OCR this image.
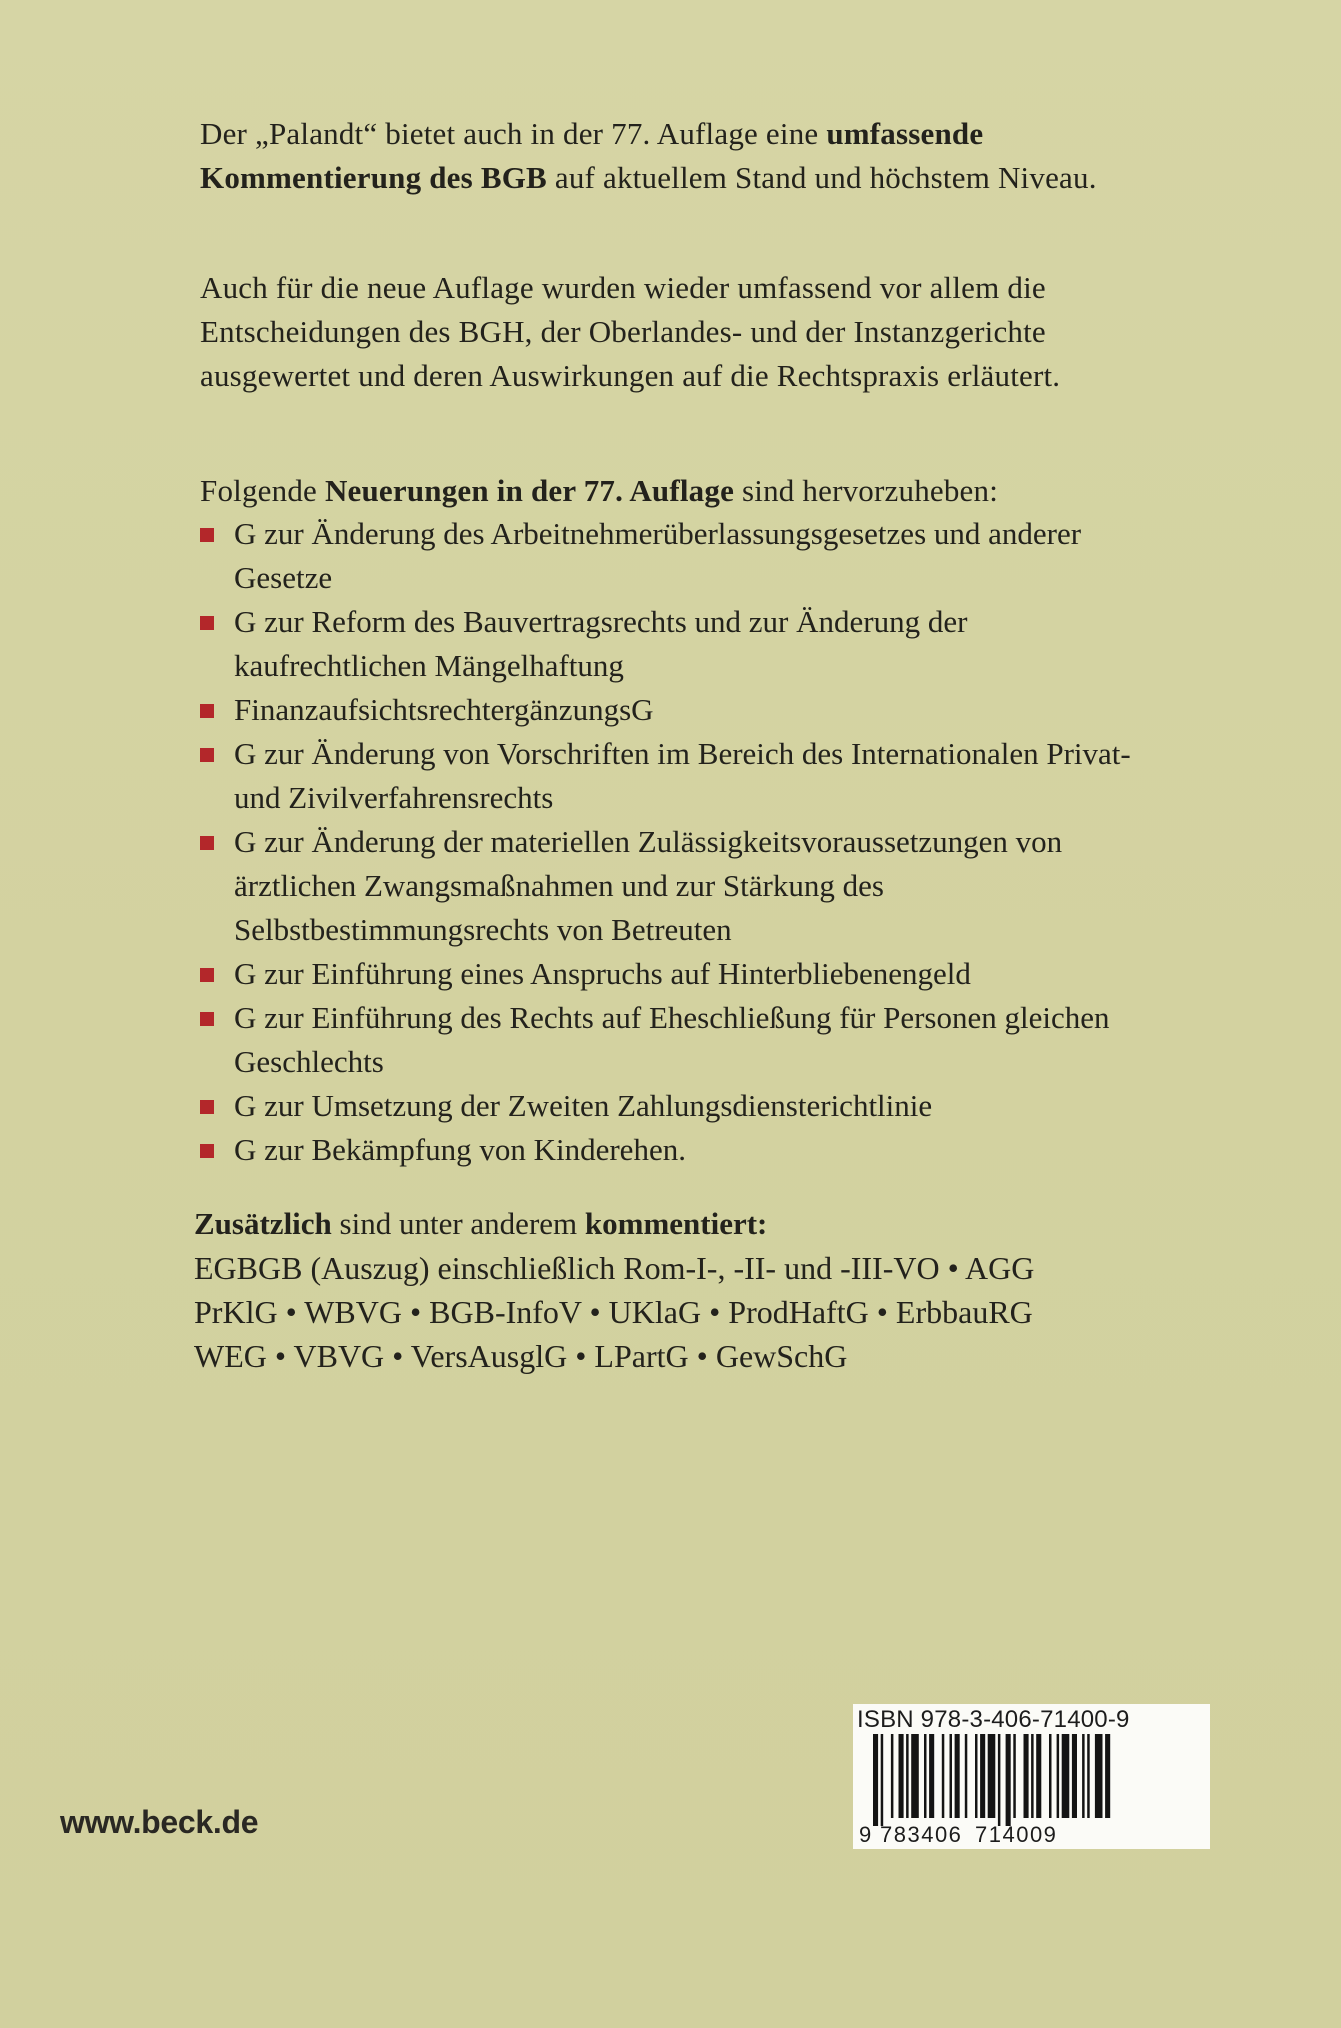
Der „Palandt“ bietet auch in der 77. Auflage eine umfassende Kommentierung des BGB auf aktuellem Stand und höchstem Niveau.

Auch für die neue Auflage wurden wieder umfassend vor allem die Entscheidungen des BGH, der Oberlandes- und der Instanzgerichte ausgewertet und deren Auswirkungen auf die Rechtspraxis erläutert.

Folgende Neuerungen in der 77. Auflage sind hervorzuheben:

G zur Änderung des Arbeitnehmerüberlassungsgesetzes und anderer Gesetze
G zur Reform des Bauvertragsrechts und zur Änderung der kaufrechtlichen Mängelhaftung
FinanzaufsichtsrechtergänzungsG
G zur Änderung von Vorschriften im Bereich des Internationalen Privat- und Zivilverfahrensrechts
G zur Änderung der materiellen Zulässigkeitsvoraussetzungen von ärztlichen Zwangsmaßnahmen und zur Stärkung des Selbstbestimmungsrechts von Betreuten
G zur Einführung eines Anspruchs auf Hinterbliebenengeld
G zur Einführung des Rechts auf Eheschließung für Personen gleichen Geschlechts
G zur Umsetzung der Zweiten Zahlungsdiensterichtlinie
G zur Bekämpfung von Kinderehen.

Zusätzlich sind unter anderem kommentiert:

EGBGB (Auszug) einschließlich Rom-I-, -II- und -III-VO • AGG

PrKlG • WBVG • BGB-InfoV • UKlaG • ProdHaftG • ErbbauRG

WEG • VBVG • VersAusglG • LPartG • GewSchG

www.beck.de	9 783406 714009
ISBN 978-3-406-71400-9
